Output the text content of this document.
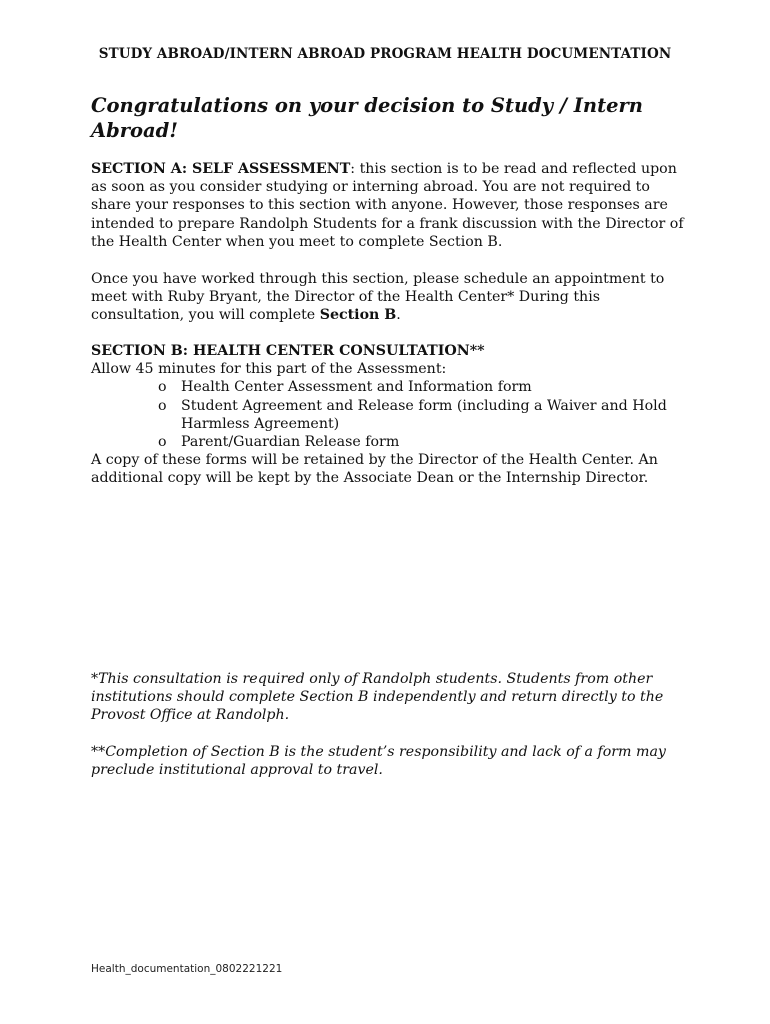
STUDY ABROAD/INTERN ABROAD PROGRAM HEALTH DOCUMENTATION
Congratulations on your decision to Study / Intern Abroad!

SECTION A: SELF ASSESSMENT: this section is to be read and reflected upon as soon as you consider studying or interning abroad. You are not required to share your responses to this section with anyone. However, those responses are intended to prepare Randolph Students for a frank discussion with the Director of the Health Center when you meet to complete Section B.

Once you have worked through this section, please schedule an appointment to meet with Ruby Bryant, the Director of the Health Center* During this consultation, you will complete Section B.

SECTION B: HEALTH CENTER CONSULTATION**

Allow 45 minutes for this part of the Assessment:

o Health Center Assessment and Information form
o Student Agreement and Release form (including a Waiver and Hold Harmless Agreement)
o Parent/Guardian Release form

A copy of these forms will be retained by the Director of the Health Center. An additional copy will be kept by the Associate Dean or the Internship Director.

*This consultation is required only of Randolph students. Students from other institutions should complete Section B independently and return directly to the Provost Office at Randolph.

**Completion of Section B is the student’s responsibility and lack of a form may preclude institutional approval to travel.

Health_documentation_0802221221
